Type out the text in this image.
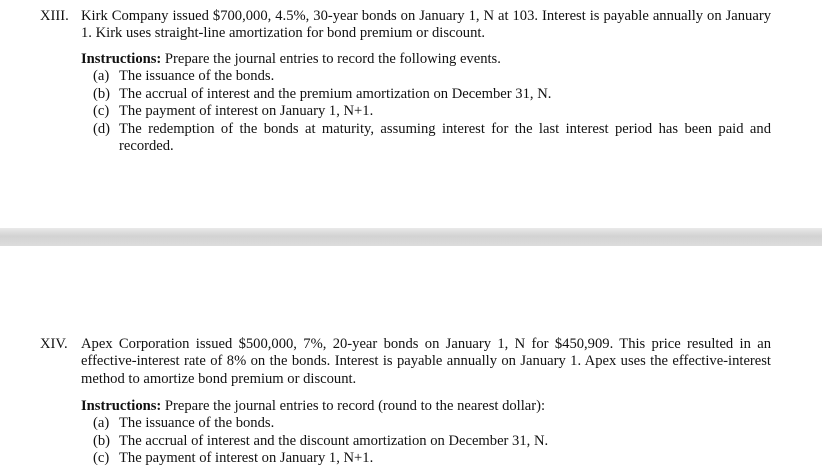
XIII. Kirk Company issued $700,000, 4.5%, 30-year bonds on January 1, N at 103. Interest is payable annually on January
1. Kirk uses straight-line amortization for bond premium or discount.
Instructions: Prepare the journal entries to record the following events.
(a) The issuance of the bonds.
(b) The accrual of interest and the premium amortization on December 31, N.
(c) The payment of interest on January 1, N+1.
(d) The redemption of the bonds at maturity, assuming interest for the last interest period has been paid and
recorded.
XIV. Apex Corporation issued $500,000, 7%, 20-year bonds on January 1, N for $450,909. This price resulted in an
effective-interest rate of 8% on the bonds. Interest is payable annually on January 1. Apex uses the effective-interest
method to amortize bond premium or discount.
Instructions: Prepare the journal entries to record (round to the nearest dollar):
(a) The issuance of the bonds.
(b) The accrual of interest and the discount amortization on December 31, N.
(c) The payment of interest on January 1, N+1.
